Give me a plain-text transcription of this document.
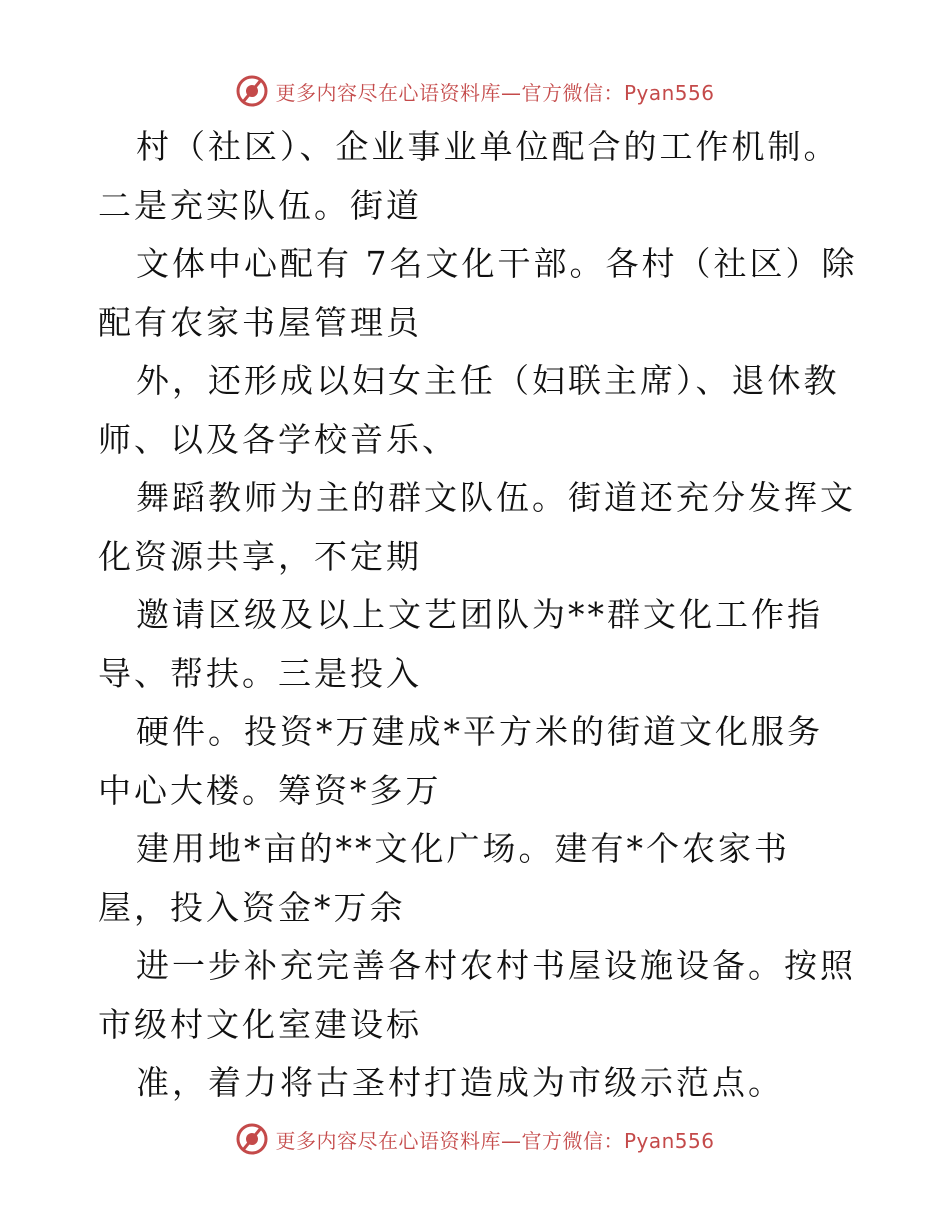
更多内容尽在心语资料库—官方微信：Pyan556

村（社区）、企业事业单位配合的工作机制。二是充实队伍。街道

文体中心配有 7名文化干部。各村（社区）除配有农家书屋管理员

外，还形成以妇女主任（妇联主席）、退休教师、以及各学校音乐、

舞蹈教师为主的群文队伍。街道还充分发挥文化资源共享，不定期

邀请区级及以上文艺团队为**群文化工作指导、帮扶。三是投入

硬件。投资*万建成*平方米的街道文化服务中心大楼。筹资*多万

建用地*亩的**文化广场。建有*个农家书屋，投入资金*万余

进一步补充完善各村农村书屋设施设备。按照市级村文化室建设标

准，着力将古圣村打造成为市级示范点。

更多内容尽在心语资料库—官方微信：Pyan556
